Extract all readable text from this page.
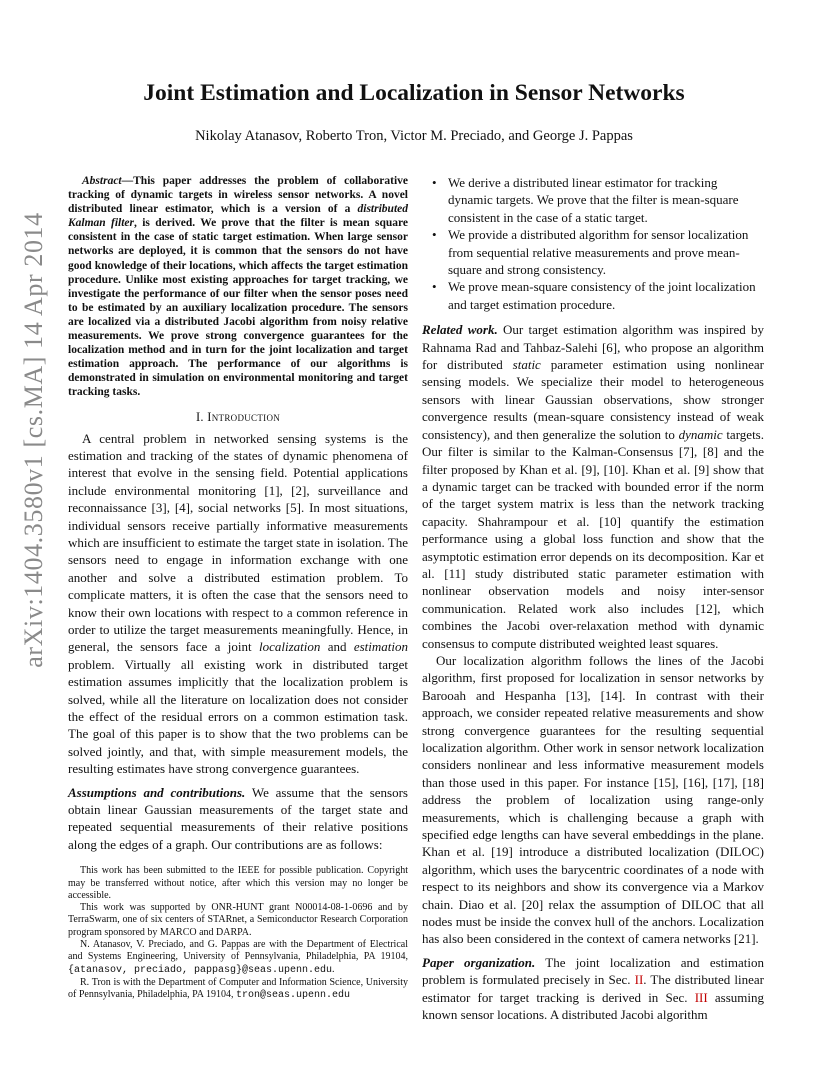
arXiv:1404.3580v1 [cs.MA] 14 Apr 2014
Joint Estimation and Localization in Sensor Networks
Nikolay Atanasov, Roberto Tron, Victor M. Preciado, and George J. Pappas

Abstract—This paper addresses the problem of collaborative tracking of dynamic targets in wireless sensor networks. A novel distributed linear estimator, which is a version of a distributed Kalman filter, is derived. We prove that the filter is mean square consistent in the case of static target estimation. When large sensor networks are deployed, it is common that the sensors do not have good knowledge of their locations, which affects the target estimation procedure. Unlike most existing approaches for target tracking, we investigate the performance of our filter when the sensor poses need to be estimated by an auxiliary localization procedure. The sensors are localized via a distributed Jacobi algorithm from noisy relative measurements. We prove strong convergence guarantees for the localization method and in turn for the joint localization and target estimation approach. The performance of our algorithms is demonstrated in simulation on environmental monitoring and target tracking tasks.

I. Introduction

A central problem in networked sensing systems is the estimation and tracking of the states of dynamic phenomena of interest that evolve in the sensing field. Potential applications include environmental monitoring [1], [2], surveillance and reconnaissance [3], [4], social networks [5]. In most situations, individual sensors receive partially informative measurements which are insufficient to estimate the target state in isolation. The sensors need to engage in information exchange with one another and solve a distributed estimation problem. To complicate matters, it is often the case that the sensors need to know their own locations with respect to a common reference in order to utilize the target measurements meaningfully. Hence, in general, the sensors face a joint localization and estimation problem. Virtually all existing work in distributed target estimation assumes implicitly that the localization problem is solved, while all the literature on localization does not consider the effect of the residual errors on a common estimation task. The goal of this paper is to show that the two problems can be solved jointly, and that, with simple measurement models, the resulting estimates have strong convergence guarantees.

Assumptions and contributions. We assume that the sensors obtain linear Gaussian measurements of the target state and repeated sequential measurements of their relative positions along the edges of a graph. Our contributions are as follows:

This work has been submitted to the IEEE for possible publication. Copyright may be transferred without notice, after which this version may no longer be accessible.

This work was supported by ONR-HUNT grant N00014-08-1-0696 and by TerraSwarm, one of six centers of STARnet, a Semiconductor Research Corporation program sponsored by MARCO and DARPA.

N. Atanasov, V. Preciado, and G. Pappas are with the Department of Electrical and Systems Engineering, University of Pennsylvania, Philadelphia, PA 19104, {atanasov, preciado, pappasg}@seas.upenn.edu.

R. Tron is with the Department of Computer and Information Science, University of Pennsylvania, Philadelphia, PA 19104, tron@seas.upenn.edu

• We derive a distributed linear estimator for tracking dynamic targets. We prove that the filter is mean-square consistent in the case of a static target.
• We provide a distributed algorithm for sensor localization from sequential relative measurements and prove mean-square and strong consistency.
• We prove mean-square consistency of the joint localization and target estimation procedure.

Related work. Our target estimation algorithm was inspired by Rahnama Rad and Tahbaz-Salehi [6], who propose an algorithm for distributed static parameter estimation using nonlinear sensing models. We specialize their model to heterogeneous sensors with linear Gaussian observations, show stronger convergence results (mean-square consistency instead of weak consistency), and then generalize the solution to dynamic targets. Our filter is similar to the Kalman-Consensus [7], [8] and the filter proposed by Khan et al. [9], [10]. Khan et al. [9] show that a dynamic target can be tracked with bounded error if the norm of the target system matrix is less than the network tracking capacity. Shahrampour et al. [10] quantify the estimation performance using a global loss function and show that the asymptotic estimation error depends on its decomposition. Kar et al. [11] study distributed static parameter estimation with nonlinear observation models and noisy inter-sensor communication. Related work also includes [12], which combines the Jacobi over-relaxation method with dynamic consensus to compute distributed weighted least squares.

Our localization algorithm follows the lines of the Jacobi algorithm, first proposed for localization in sensor networks by Barooah and Hespanha [13], [14]. In contrast with their approach, we consider repeated relative measurements and show strong convergence guarantees for the resulting sequential localization algorithm. Other work in sensor network localization considers nonlinear and less informative measurement models than those used in this paper. For instance [15], [16], [17], [18] address the problem of localization using range-only measurements, which is challenging because a graph with specified edge lengths can have several embeddings in the plane. Khan et al. [19] introduce a distributed localization (DILOC) algorithm, which uses the barycentric coordinates of a node with respect to its neighbors and show its convergence via a Markov chain. Diao et al. [20] relax the assumption of DILOC that all nodes must be inside the convex hull of the anchors. Localization has also been considered in the context of camera networks [21].

Paper organization. The joint localization and estimation problem is formulated precisely in Sec. II. The distributed linear estimator for target tracking is derived in Sec. III assuming known sensor locations. A distributed Jacobi algorithm
